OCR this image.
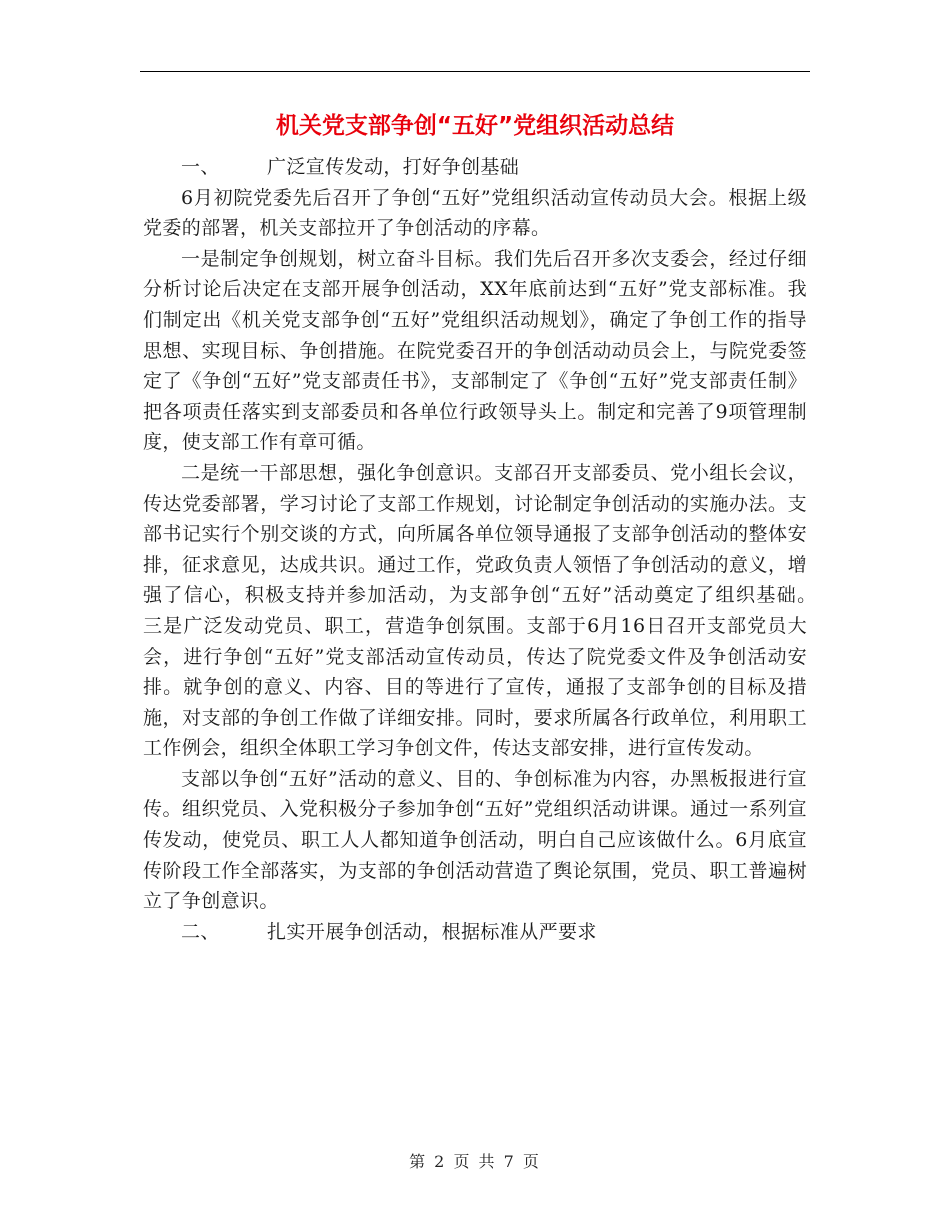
机关党支部争创“五好”党组织活动总结

一、 广泛宣传发动，打好争创基础

6月初院党委先后召开了争创“五好”党组织活动宣传动员大会。根据上级党委的部署，机关支部拉开了争创活动的序幕。

一是制定争创规划，树立奋斗目标。我们先后召开多次支委会，经过仔细分析讨论后决定在支部开展争创活动，XX年底前达到“五好”党支部标准。我们制定出《机关党支部争创“五好”党组织活动规划》，确定了争创工作的指导思想、实现目标、争创措施。在院党委召开的争创活动动员会上，与院党委签定了《争创“五好”党支部责任书》，支部制定了《争创“五好”党支部责任制》把各项责任落实到支部委员和各单位行政领导头上。制定和完善了9项管理制度，使支部工作有章可循。

二是统一干部思想，强化争创意识。支部召开支部委员、党小组长会议，传达党委部署，学习讨论了支部工作规划，讨论制定争创活动的实施办法。支部书记实行个别交谈的方式，向所属各单位领导通报了支部争创活动的整体安排，征求意见，达成共识。通过工作，党政负责人领悟了争创活动的意义，增强了信心，积极支持并参加活动，为支部争创“五好”活动奠定了组织基础。　　　三是广泛发动党员、职工，营造争创氛围。支部于6月16日召开支部党员大会，进行争创“五好”党支部活动宣传动员，传达了院党委文件及争创活动安排。就争创的意义、内容、目的等进行了宣传，通报了支部争创的目标及措施，对支部的争创工作做了详细安排。同时，要求所属各行政单位，利用职工工作例会，组织全体职工学习争创文件，传达支部安排，进行宣传发动。

支部以争创“五好”活动的意义、目的、争创标准为内容，办黑板报进行宣传。组织党员、入党积极分子参加争创“五好”党组织活动讲课。通过一系列宣传发动，使党员、职工人人都知道争创活动，明白自己应该做什么。6月底宣传阶段工作全部落实，为支部的争创活动营造了舆论氛围，党员、职工普遍树立了争创意识。

二、 扎实开展争创活动，根据标准从严要求

第 2 页 共 7 页
